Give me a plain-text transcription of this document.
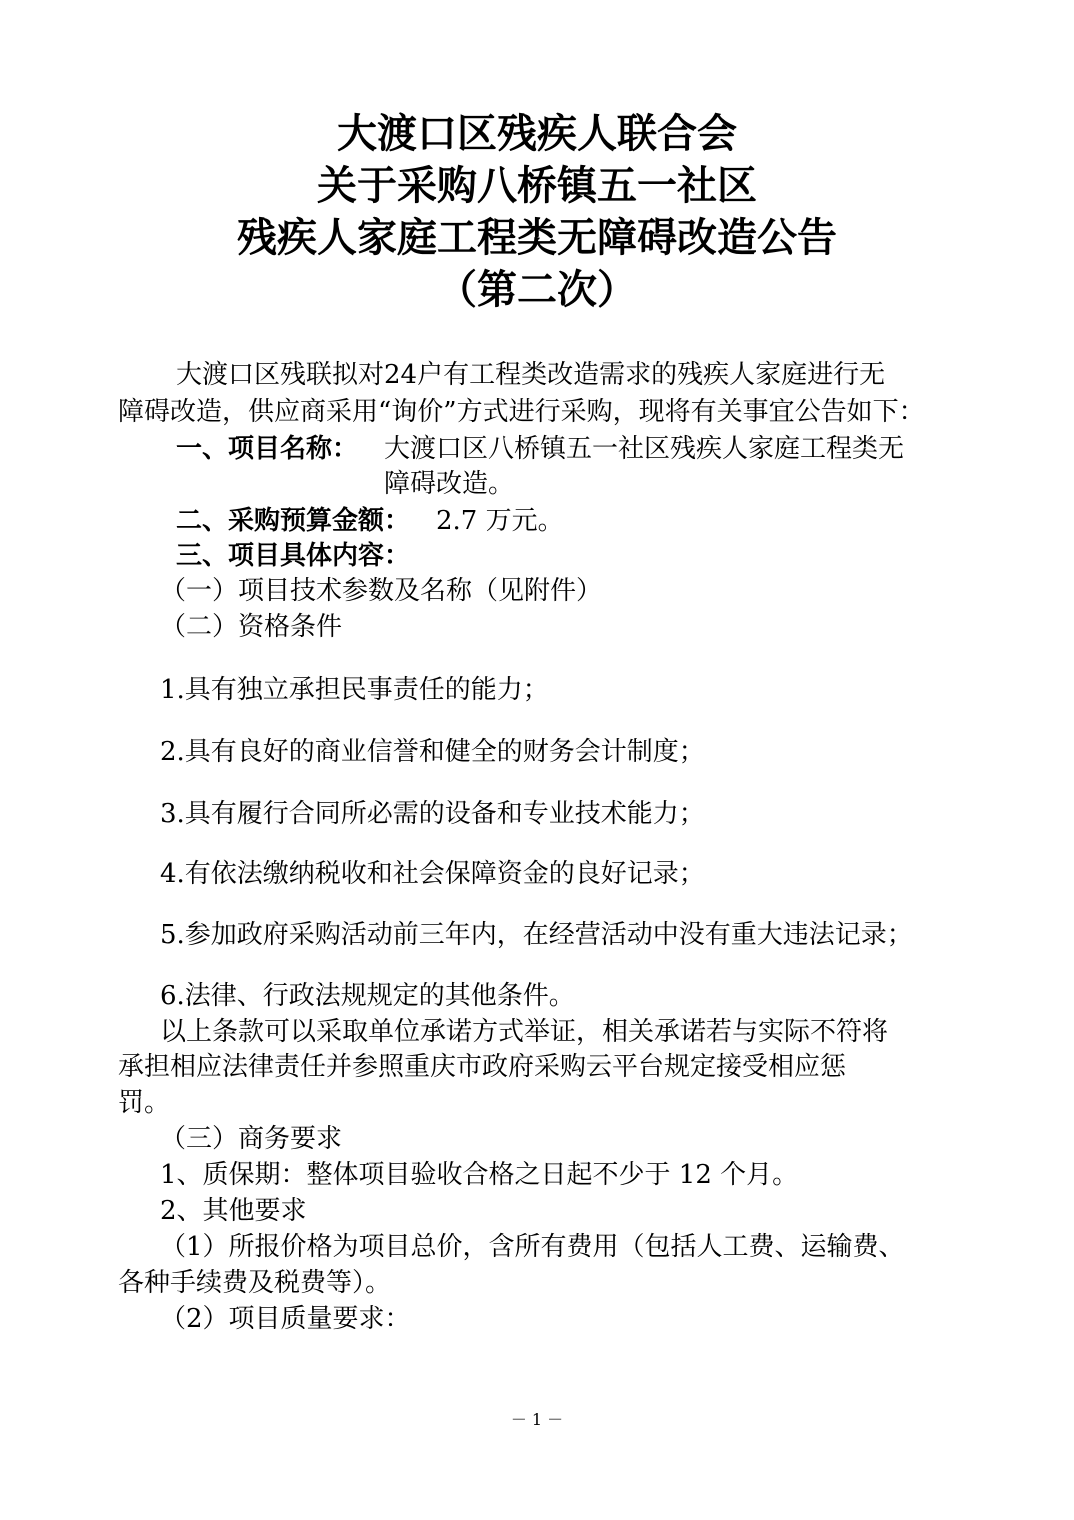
大渡口区残疾人联合会
关于采购八桥镇五一社区
残疾人家庭工程类无障碍改造公告
（第二次）
大渡口区残联拟对24户有工程类改造需求的残疾人家庭进行无
障碍改造，供应商采用“询价”方式进行采购，现将有关事宜公告如下：
一、项目名称： 大渡口区八桥镇五一社区残疾人家庭工程类无
障碍改造。
二、采购预算金额： 2.7 万元。
三、项目具体内容：
（一）项目技术参数及名称（见附件）
（二）资格条件
1.具有独立承担民事责任的能力；
2.具有良好的商业信誉和健全的财务会计制度；
3.具有履行合同所必需的设备和专业技术能力；
4.有依法缴纳税收和社会保障资金的良好记录；
5.参加政府采购活动前三年内，在经营活动中没有重大违法记录；
6.法律、行政法规规定的其他条件。
以上条款可以采取单位承诺方式举证，相关承诺若与实际不符将
承担相应法律责任并参照重庆市政府采购云平台规定接受相应惩
罚。
（三）商务要求
1、质保期：整体项目验收合格之日起不少于 12 个月。
2、其他要求
（1）所报价格为项目总价，含所有费用（包括人工费、运输费、
各种手续费及税费等）。
（2）项目质量要求：
－ 1 －
